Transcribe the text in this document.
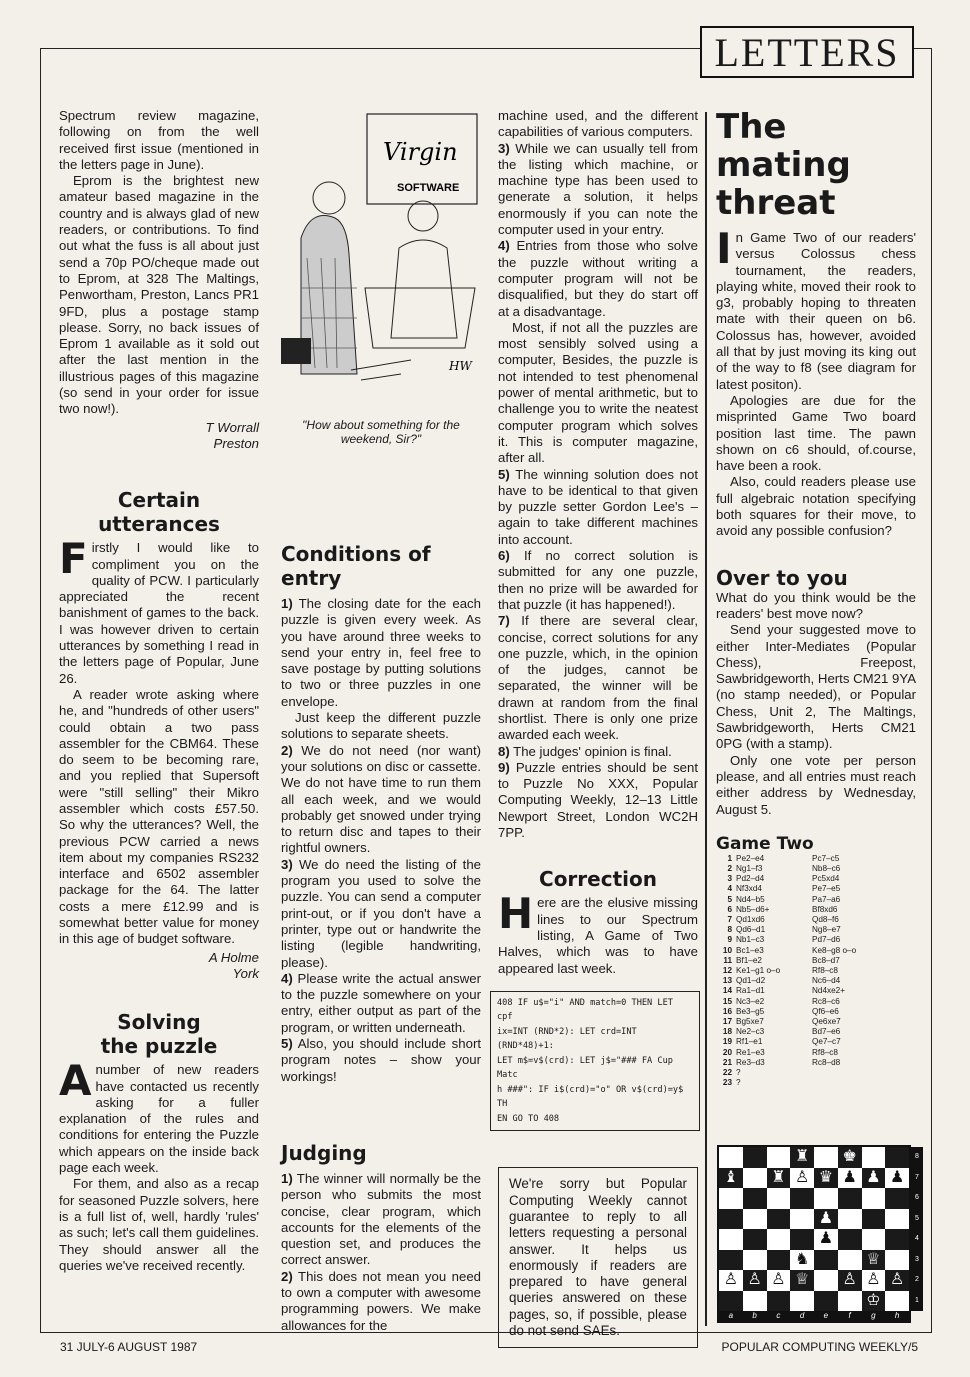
LETTERS

Spectrum review magazine, following on from the well received first issue (mentioned in the letters page in June).

Eprom is the brightest new amateur based magazine in the country and is always glad of new readers, or contributions. To find out what the fuss is all about just send a 70p PO/cheque made out to Eprom, at 328 The Maltings, Penwortham, Preston, Lancs PR1 9FD, plus a postage stamp please. Sorry, no back issues of Eprom 1 available as it sold out after the last mention in the illustrious pages of this magazine (so send in your order for issue two now!).

T Worrall
Preston
Certain
utterances

Firstly I would like to compliment you on the quality of PCW. I particularly appreciated the recent banishment of games to the back. I was however driven to certain utterances by something I read in the letters page of Popular, June 26.

A reader wrote asking where he, and "hundreds of other users" could obtain a two pass assembler for the CBM64. These do seem to be becoming rare, and you replied that Supersoft were "still selling" their Mikro assembler which costs £57.50. So why the utterances? Well, the previous PCW carried a news item about my companies RS232 interface and 6502 assembler package for the 64. The latter costs a mere £12.99 and is somewhat better value for money in this age of budget software.

A Holme
York
Solving
the puzzle

Anumber of new readers have contacted us recently asking for a fuller explanation of the rules and conditions for entering the Puzzle which appears on the inside back page each week.

For them, and also as a recap for seasoned Puzzle solvers, here is a full list of, well, hardly 'rules' as such; let's call them guidelines. They should answer all the queries we've received recently.

Virgin
SOFTWARE
HW
"How about something for the weekend, Sir?"
Conditions of entry

1) The closing date for the each puzzle is given every week. As you have around three weeks to send your entry in, feel free to save postage by putting solutions to two or three puzzles in one envelope.

Just keep the different puzzle solutions to separate sheets.

2) We do not need (nor want) your solutions on disc or cassette. We do not have time to run them all each week, and we would probably get snowed under trying to return disc and tapes to their rightful owners.

3) We do need the listing of the program you used to solve the puzzle. You can send a computer print-out, or if you don't have a printer, type out or handwrite the listing (legible handwriting, please).

4) Please write the actual answer to the puzzle somewhere on your entry, either output as part of the program, or written underneath.

5) Also, you should include short program notes – show your workings!

Judging

1) The winner will normally be the person who submits the most concise, clear program, which accounts for the elements of the question set, and produces the correct answer.

2) This does not mean you need to own a computer with awesome programming powers. We make allowances for the

machine used, and the different capabilities of various computers.

3) While we can usually tell from the listing which machine, or machine type has been used to generate a solution, it helps enormously if you can note the computer used in your entry.

4) Entries from those who solve the puzzle without writing a computer program will not be disqualified, but they do start off at a disadvantage.

Most, if not all the puzzles are most sensibly solved using a computer, Besides, the puzzle is not intended to test phenomenal power of mental arithmetic, but to challenge you to write the neatest computer program which solves it. This is computer magazine, after all.

5) The winning solution does not have to be identical to that given by puzzle setter Gordon Lee's – again to take different machines into account.

6) If no correct solution is submitted for any one puzzle, then no prize will be awarded for that puzzle (it has happened!).

7) If there are several clear, concise, correct solutions for any one puzzle, which, in the opinion of the judges, cannot be separated, the winner will be drawn at random from the final shortlist. There is only one prize awarded each week.

8) The judges' opinion is final.

9) Puzzle entries should be sent to Puzzle No XXX, Popular Computing Weekly, 12–13 Little Newport Street, London WC2H 7PP.

Correction

Here are the elusive missing lines to our Spectrum listing, A Game of Two Halves, which was to have appeared last week.

408 IF u$="i" AND match=0 THEN LET cpf
ix=INT (RND*2): LET crd=INT (RND*48)+1:
LET m$=v$(crd): LET j$="### FA Cup Matc
h ###": IF i$(crd)="o" OR v$(crd)=y$ TH
EN GO TO 408

We're sorry but Popular Computing Weekly cannot guarantee to reply to all letters requesting a personal answer. It helps us enormously if readers are prepared to have general queries answered on these pages, so, if possible, please do not send SAEs.

The mating threat

In Game Two of our readers' versus Colossus chess tournament, the readers, playing white, moved their rook to g3, probably hoping to threaten mate with their queen on b6. Colossus has, however, avoided all that by just moving its king out of the way to f8 (see diagram for latest positon).

Apologies are due for the misprinted Game Two board position last time. The pawn shown on c6 should, of.course, have been a rook.

Also, could readers please use full algebraic notation specifying both squares for their move, to avoid any possible confusion?

Over to you

What do you think would be the readers' best move now?

Send your suggested move to either Inter-Mediates (Popular Chess), Freepost, Sawbridgeworth, Herts CM21 9YA (no stamp needed), or Popular Chess, Unit 2, The Maltings, Sawbridgeworth, Herts CM21 0PG (with a stamp).

Only one vote per person please, and all entries must reach either address by Wednesday, August 5.

Game Two
1 Pe2–e4	Pc7–c5
2 Ng1–f3	Nb8–c6
3 Pd2–d4	Pc5xd4
4 Nf3xd4	Pe7–e5
5 Nd4–b5	Pa7–a6
6 Nb5–d6+	Bf8xd6
7 Qd1xd6	Qd8–f6
8 Qd6–d1	Ng8–e7
9 Nb1–c3	Pd7–d6
10 Bc1–e3	Ke8–g8 o–o
11 Bf1–e2	Bc8–d7
12 Ke1–g1 o–o	Rf8–c8
13 Qd1–d2	Nc6–d4
14 Ra1–d1	Nd4xe2+
15 Nc3–e2	Rc8–c6
16 Be3–g5	Qf6–e6
17 Bg5xe7	Qe6xe7
18 Ne2–c3	Bd7–e6
19 Rf1–e1	Qe7–c7
20 Re1–e3	Rf8–c8
21 Re3–d3	Rc8–d8
22 ?
23 ?
8
7
6
5
4
3
2
1
a	b	c	d	e	f	g	h
♜ ♚
♝ ♜ ♙ ♛ ♟ ♟ ♟
♟
♟
♞	♕
♙ ♙ ♙ ♕ ♙ ♙ ♙
♔
31 JULY-6 AUGUST 1987	POPULAR COMPUTING WEEKLY/5
